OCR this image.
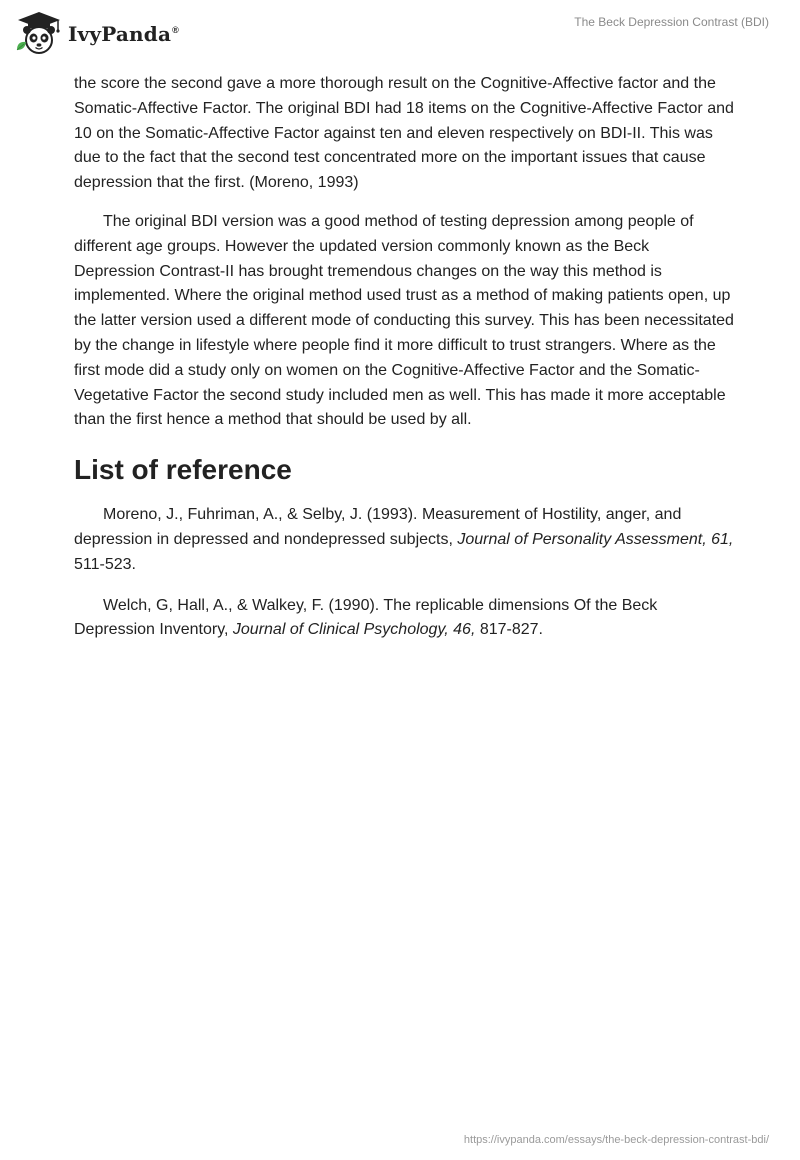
IvyPanda®
The Beck Depression Contrast (BDI)

the score the second gave a more thorough result on the Cognitive-Affective factor and the Somatic-Affective Factor. The original BDI had 18 items on the Cognitive-Affective Factor and 10 on the Somatic-Affective Factor against ten and eleven respectively on BDI-II. This was due to the fact that the second test concentrated more on the important issues that cause depression that the first. (Moreno, 1993)

The original BDI version was a good method of testing depression among people of different age groups. However the updated version commonly known as the Beck Depression Contrast-II has brought tremendous changes on the way this method is implemented. Where the original method used trust as a method of making patients open, up the latter version used a different mode of conducting this survey. This has been necessitated by the change in lifestyle where people find it more difficult to trust strangers. Where as the first mode did a study only on women on the Cognitive-Affective Factor and the Somatic-Vegetative Factor the second study included men as well. This has made it more acceptable than the first hence a method that should be used by all.

List of reference

Moreno, J., Fuhriman, A., & Selby, J. (1993). Measurement of Hostility, anger, and depression in depressed and nondepressed subjects, Journal of Personality Assessment, 61, 511-523.

Welch, G, Hall, A., & Walkey, F. (1990). The replicable dimensions Of the Beck Depression Inventory, Journal of Clinical Psychology, 46, 817-827.

https://ivypanda.com/essays/the-beck-depression-contrast-bdi/
